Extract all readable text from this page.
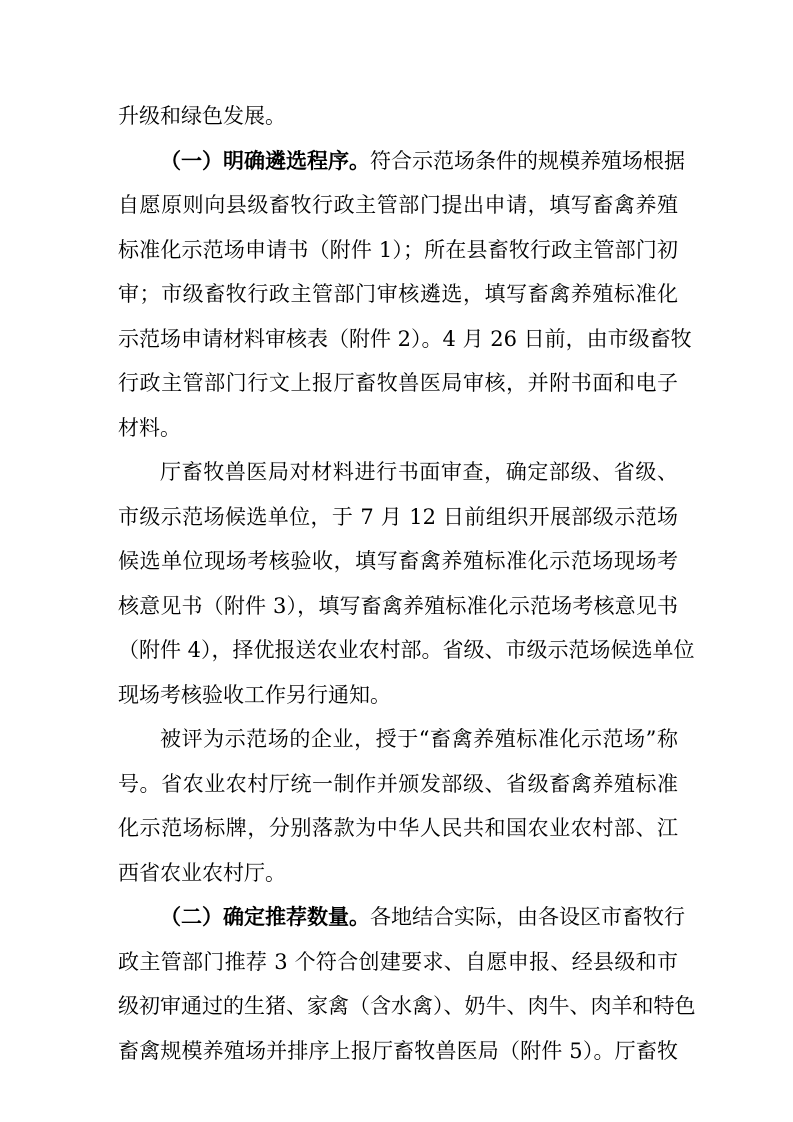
升级和绿色发展。
（一）明确遴选程序。符合示范场条件的规模养殖场根据
自愿原则向县级畜牧行政主管部门提出申请，填写畜禽养殖
标准化示范场申请书（附件 1）；所在县畜牧行政主管部门初
审；市级畜牧行政主管部门审核遴选，填写畜禽养殖标准化
示范场申请材料审核表（附件 2）。4 月 26 日前，由市级畜牧
行政主管部门行文上报厅畜牧兽医局审核，并附书面和电子
材料。
厅畜牧兽医局对材料进行书面审查，确定部级、省级、
市级示范场候选单位，于 7 月 12 日前组织开展部级示范场
候选单位现场考核验收，填写畜禽养殖标准化示范场现场考
核意见书（附件 3），填写畜禽养殖标准化示范场考核意见书
（附件 4），择优报送农业农村部。省级、市级示范场候选单位
现场考核验收工作另行通知。
被评为示范场的企业，授于“畜禽养殖标准化示范场”称
号。省农业农村厅统一制作并颁发部级、省级畜禽养殖标准
化示范场标牌，分别落款为中华人民共和国农业农村部、江
西省农业农村厅。
（二）确定推荐数量。各地结合实际，由各设区市畜牧行
政主管部门推荐 3 个符合创建要求、自愿申报、经县级和市
级初审通过的生猪、家禽（含水禽）、奶牛、肉牛、肉羊和特色
畜禽规模养殖场并排序上报厅畜牧兽医局（附件 5）。厅畜牧
